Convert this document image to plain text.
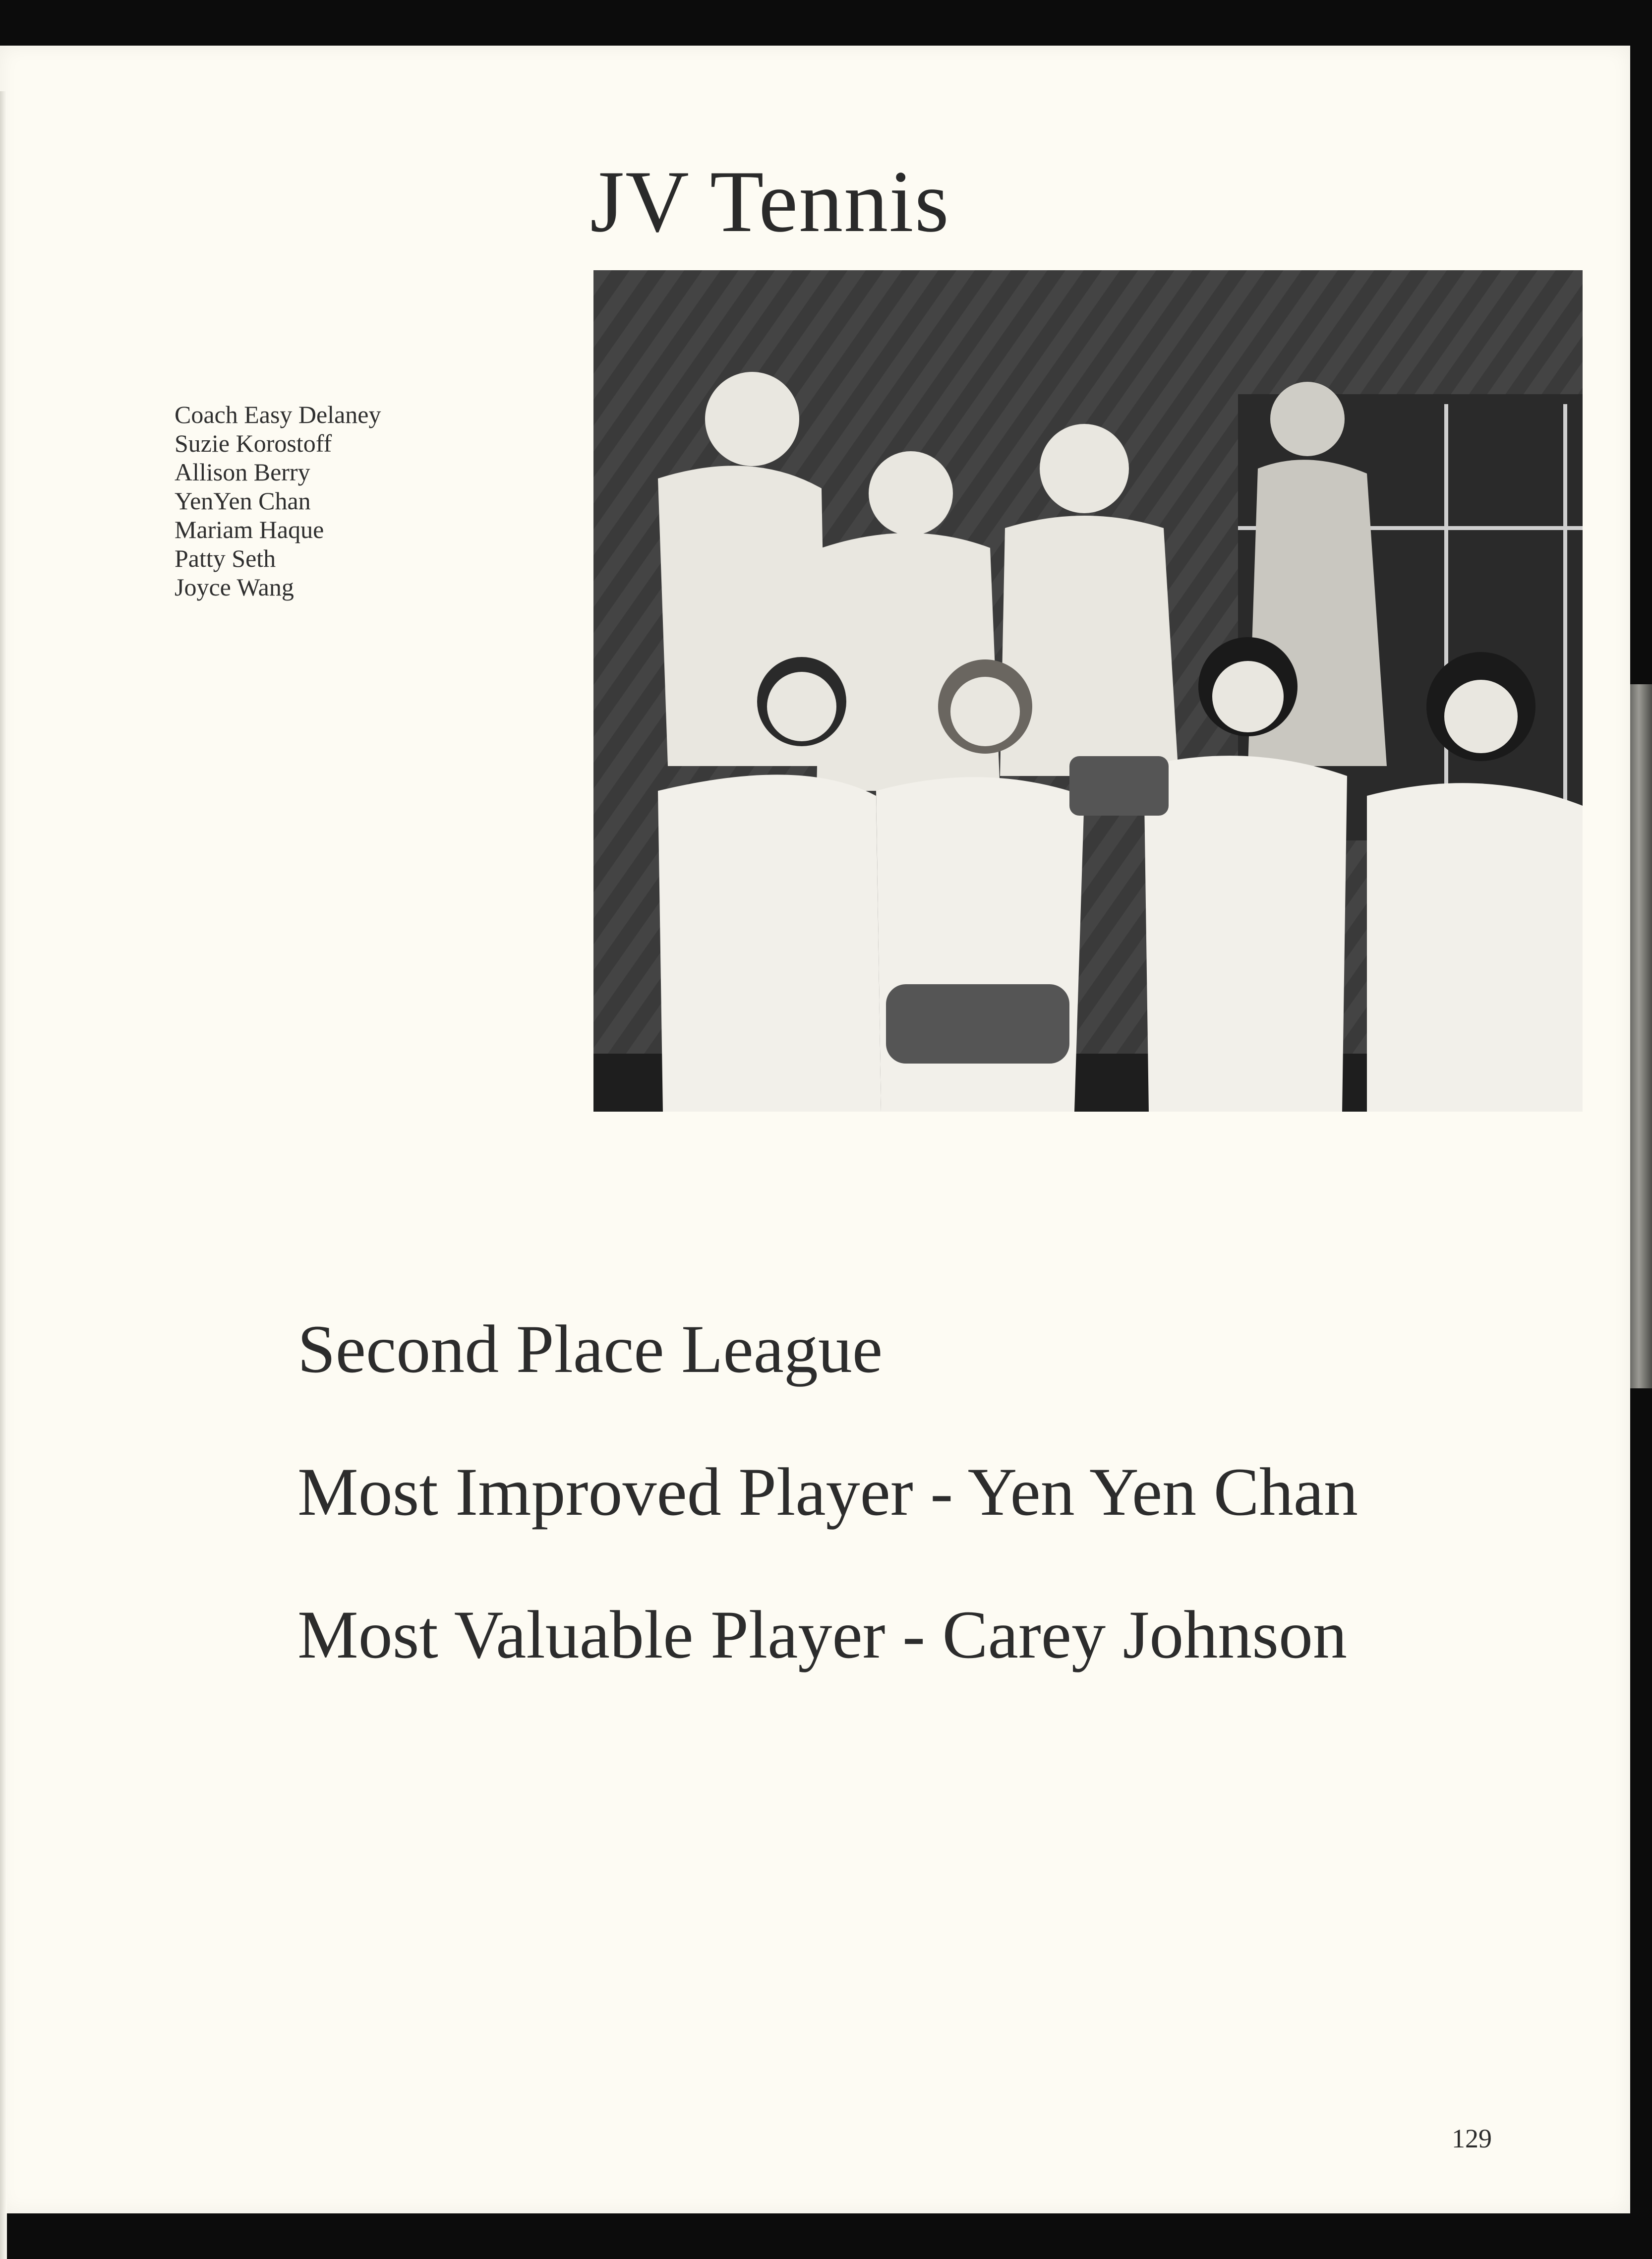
JV Tennis
Coach Easy Delaney
Suzie Korostoff
Allison Berry
YenYen Chan
Mariam Haque
Patty Seth
Joyce Wang
Second Place League
Most Improved Player - Yen Yen Chan
Most Valuable Player - Carey Johnson
129
